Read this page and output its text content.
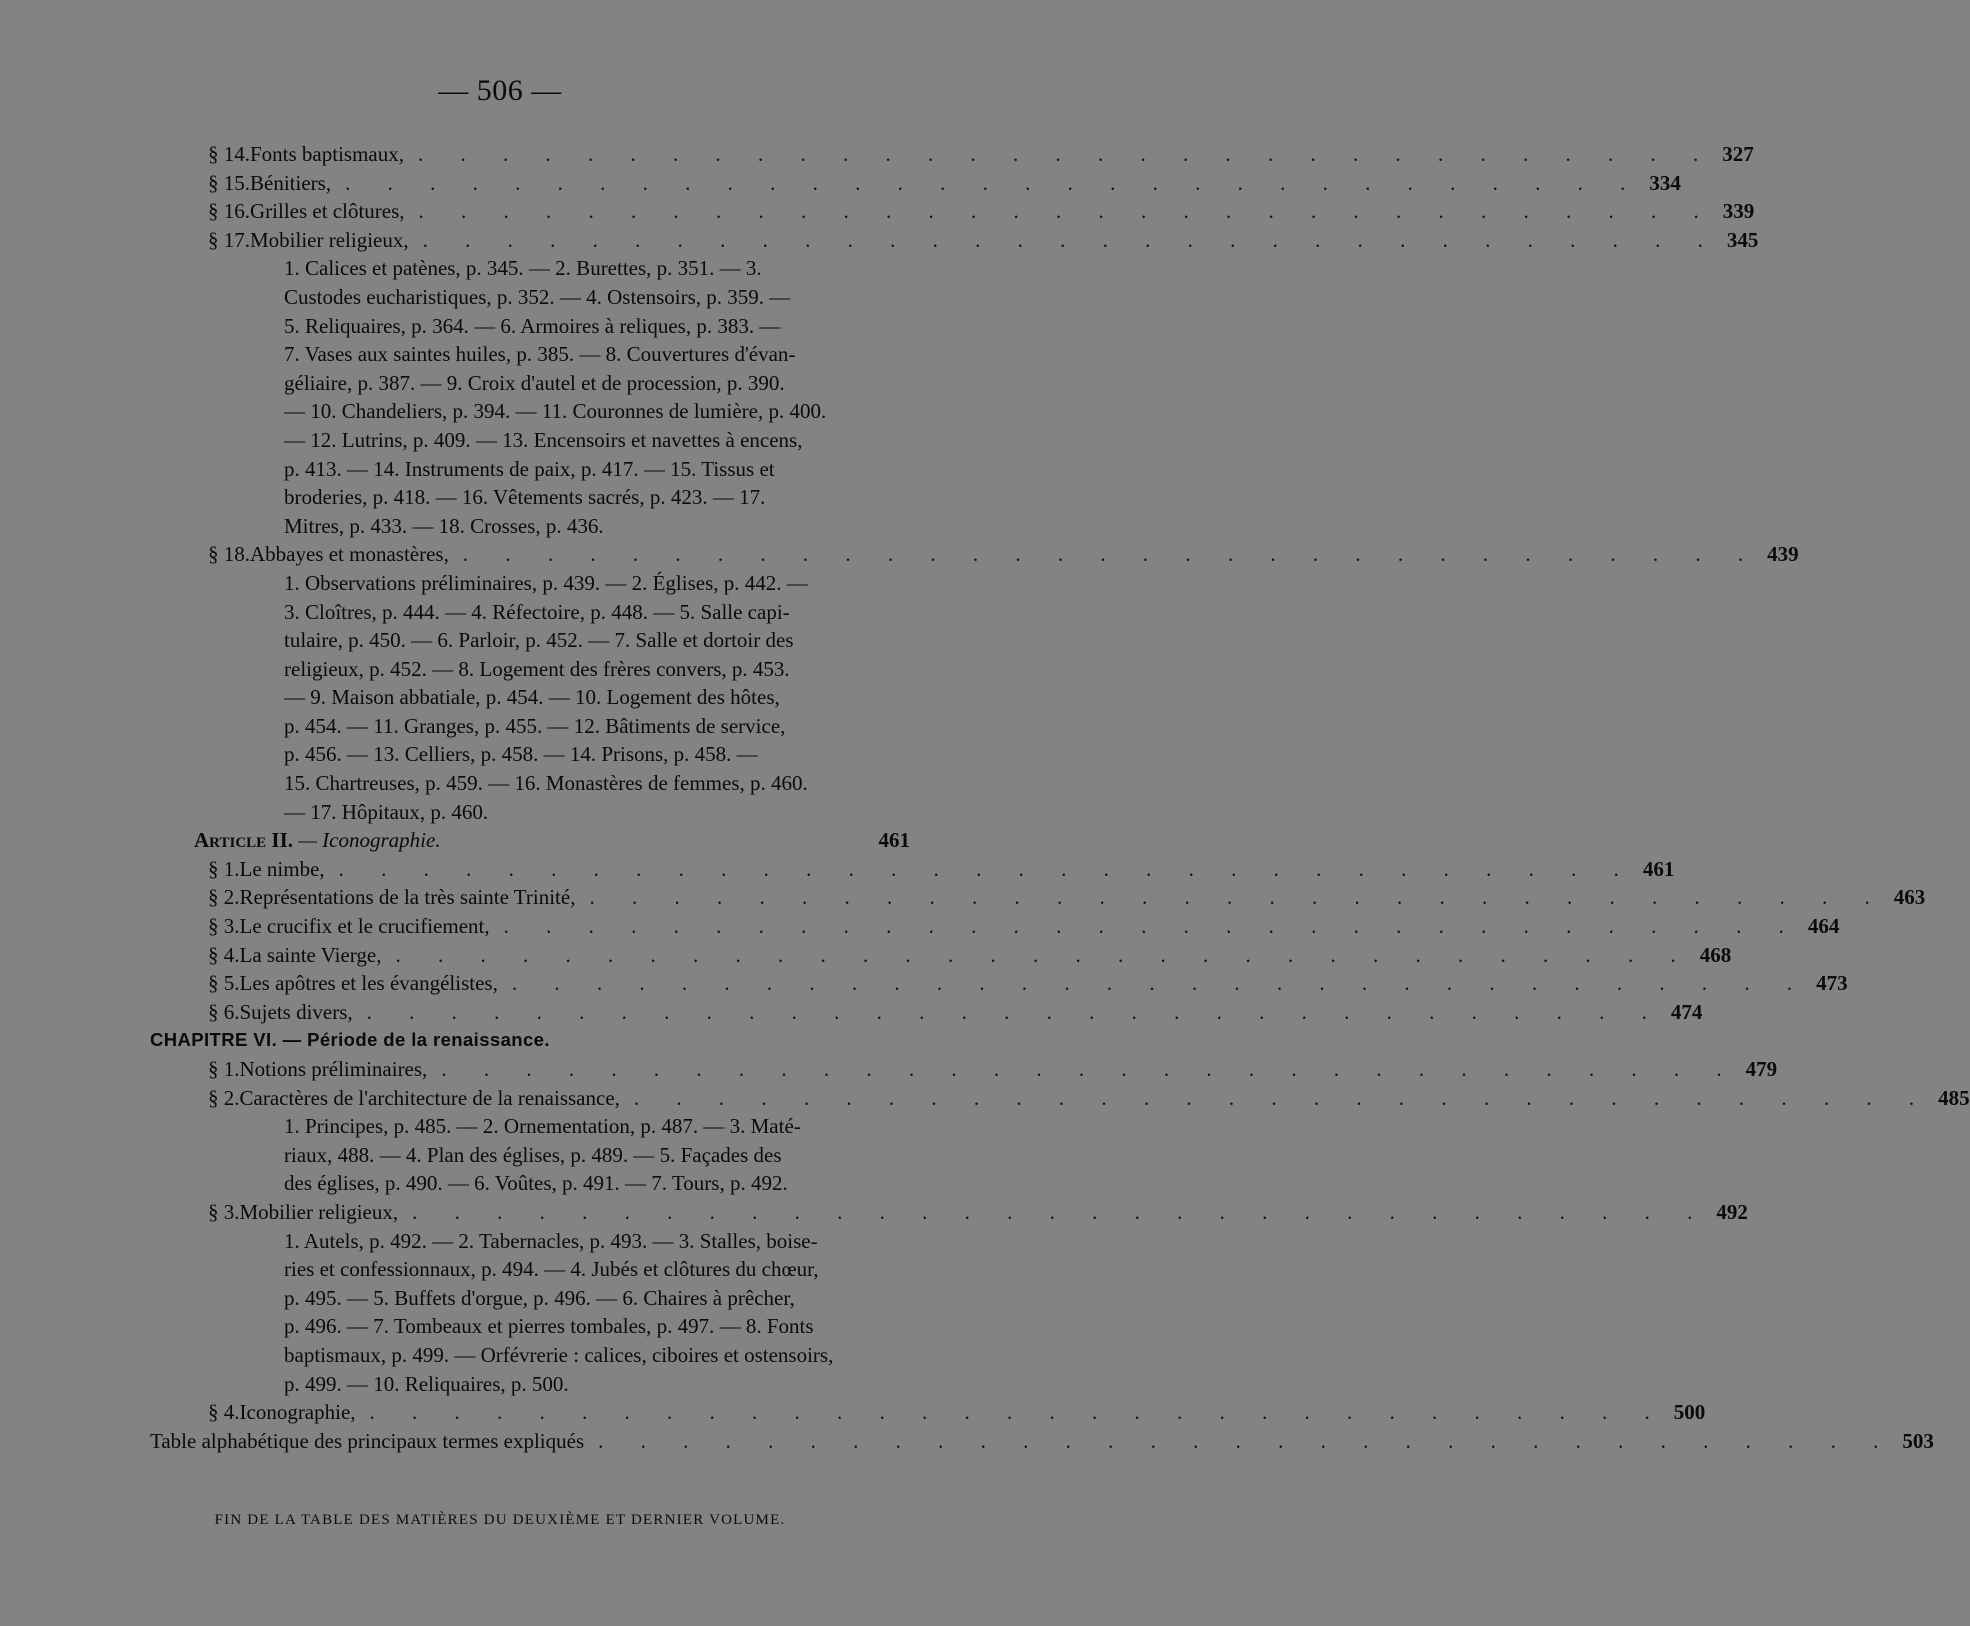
— 506 —
§ 14. Fonts baptismaux, . . . . . . . . . . . . . . . . . . . . . . . . . . . . . . . 327
§ 15. Bénitiers, . . . . . . . . . . . . . . . . . . . . . . . . . . . . . . . 334
§ 16. Grilles et clôtures, . . . . . . . . . . . . . . . . . . . . . . . . . . . . . . . 339
§ 17. Mobilier religieux, . . . . . . . . . . . . . . . . . . . . . . . . . . . . . . . 345
1. Calices et patènes, p. 345. — 2. Burettes, p. 351. — 3.
Custodes eucharistiques, p. 352. — 4. Ostensoirs, p. 359. —
5. Reliquaires, p. 364. — 6. Armoires à reliques, p. 383. —
7. Vases aux saintes huiles, p. 385. — 8. Couvertures d'évan-
géliaire, p. 387. — 9. Croix d'autel et de procession, p. 390.
— 10. Chandeliers, p. 394. — 11. Couronnes de lumière, p. 400.
— 12. Lutrins, p. 409. — 13. Encensoirs et navettes à encens,
p. 413. — 14. Instruments de paix, p. 417. — 15. Tissus et
broderies, p. 418. — 16. Vêtements sacrés, p. 423. — 17.
Mitres, p. 433. — 18. Crosses, p. 436.
§ 18. Abbayes et monastères, . . . . . . . . . . . . . . . . . . . . . . . . . . . . . . . 439
1. Observations préliminaires, p. 439. — 2. Églises, p. 442. —
3. Cloîtres, p. 444. — 4. Réfectoire, p. 448. — 5. Salle capi-
tulaire, p. 450. — 6. Parloir, p. 452. — 7. Salle et dortoir des
religieux, p. 452. — 8. Logement des frères convers, p. 453.
— 9. Maison abbatiale, p. 454. — 10. Logement des hôtes,
p. 454. — 11. Granges, p. 455. — 12. Bâtiments de service,
p. 456. — 13. Celliers, p. 458. — 14. Prisons, p. 458. —
15. Chartreuses, p. 459. — 16. Monastères de femmes, p. 460.
— 17. Hôpitaux, p. 460.
Article II.
— Iconographie.	461
§ 1. Le nimbe, . . . . . . . . . . . . . . . . . . . . . . . . . . . . . . . 461
§ 2. Représentations de la très sainte Trinité, . . . . . . . . . . . . . . . . . . . . . . . . . . . . . . . 463
§ 3. Le crucifix et le crucifiement, . . . . . . . . . . . . . . . . . . . . . . . . . . . . . . . 464
§ 4. La sainte Vierge, . . . . . . . . . . . . . . . . . . . . . . . . . . . . . . . 468
§ 5. Les apôtres et les évangélistes, . . . . . . . . . . . . . . . . . . . . . . . . . . . . . . . 473
§ 6. Sujets divers, . . . . . . . . . . . . . . . . . . . . . . . . . . . . . . . 474
CHAPITRE VI. — Période de la renaissance.
§ 1. Notions préliminaires, . . . . . . . . . . . . . . . . . . . . . . . . . . . . . . . 479
§ 2. Caractères de l'architecture de la renaissance, . . . . . . . . . . . . . . . . . . . . . . . . . . . . . . . 485
1. Principes, p. 485. — 2. Ornementation, p. 487. — 3. Maté-
riaux, 488. — 4. Plan des églises, p. 489. — 5. Façades des
des églises, p. 490. — 6. Voûtes, p. 491. — 7. Tours, p. 492.
§ 3. Mobilier religieux, . . . . . . . . . . . . . . . . . . . . . . . . . . . . . . . 492
1. Autels, p. 492. — 2. Tabernacles, p. 493. — 3. Stalles, boise-
ries et confessionnaux, p. 494. — 4. Jubés et clôtures du chœur,
p. 495. — 5. Buffets d'orgue, p. 496. — 6. Chaires à prêcher,
p. 496. — 7. Tombeaux et pierres tombales, p. 497. — 8. Fonts
baptismaux, p. 499. — Orfévrerie : calices, ciboires et ostensoirs,
p. 499. — 10. Reliquaires, p. 500.
§ 4. Iconographie, . . . . . . . . . . . . . . . . . . . . . . . . . . . . . . . 500
Table alphabétique des principaux termes expliqués . . . . . . . . . . . . . . . . . . . . . . . . . . . . . . . 503
FIN DE LA TABLE DES MATIÈRES DU DEUXIÈME ET DERNIER VOLUME.
